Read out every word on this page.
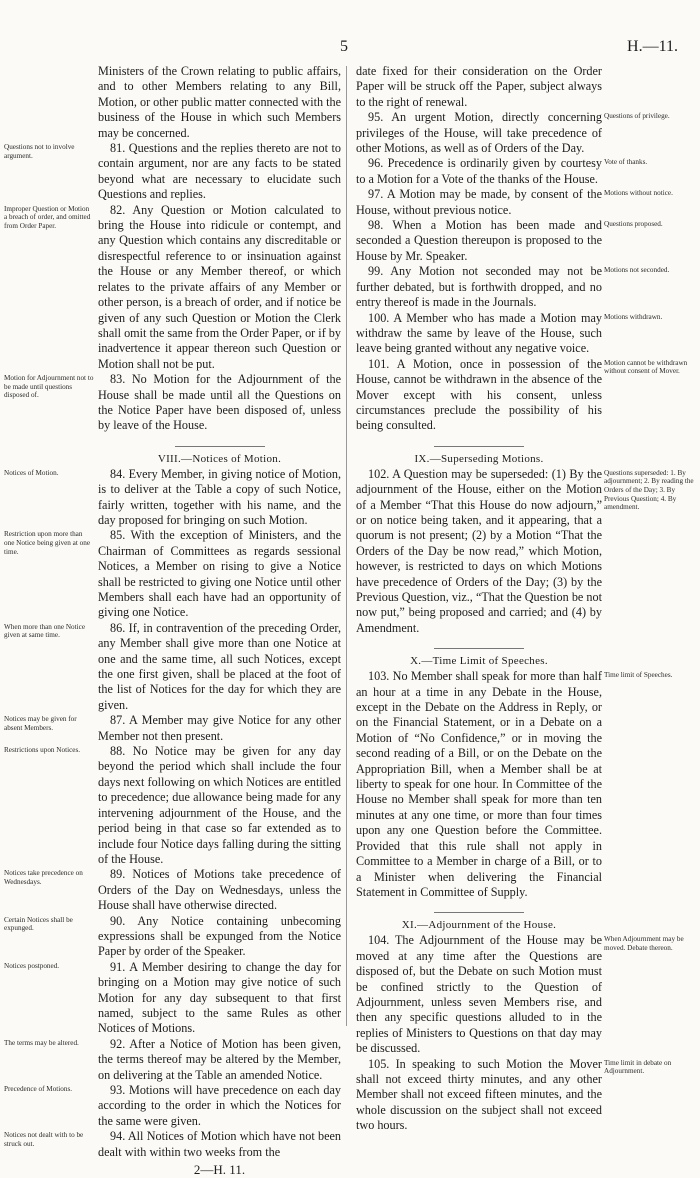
5	H.—11.

Ministers of the Crown relating to public affairs, and to other Members relating to any Bill, Motion, or other public matter connected with the business of the House in which such Members may be concerned.

Questions not to involve argument.

81. Questions and the replies thereto are not to contain argument, nor are any facts to be stated beyond what are necessary to elucidate such Questions and replies.

Improper Question or Motion a breach of order, and omitted from Order Paper.

82. Any Question or Motion calculated to bring the House into ridicule or contempt, and any Question which contains any discreditable or disrespectful reference to or insinuation against the House or any Member thereof, or which relates to the private affairs of any Member or other person, is a breach of order, and if notice be given of any such Question or Motion the Clerk shall omit the same from the Order Paper, or if by inadvertence it appear thereon such Question or Motion shall not be put.

Motion for Adjournment not to be made until questions disposed of.

83. No Motion for the Adjournment of the House shall be made until all the Questions on the Notice Paper have been disposed of, unless by leave of the House.

VIII.—Notices of Motion.
Notices of Motion.	84. Every Member, in giving notice of Motion, is to deliver at the Table a copy of such Notice, fairly written, together with his name, and the day proposed for bringing on such Motion.

Restriction upon more than one Notice being given at one time.

85. With the exception of Ministers, and the Chairman of Committees as regards sessional Notices, a Member on rising to give a Notice shall be restricted to giving one Notice until other Members shall each have had an opportunity of giving one Notice.

When more than one Notice given at same time.

86. If, in contravention of the preceding Order, any Member shall give more than one Notice at one and the same time, all such Notices, except the one first given, shall be placed at the foot of the list of Notices for the day for which they are given.

Notices may be given for absent Members.

87. A Member may give Notice for any other Member not then present.

Restrictions upon Notices.	88. No Notice may be given for any day beyond the period which shall include the four days next following on which Notices are entitled to precedence; due allowance being made for any intervening adjournment of the House, and the period being in that case so far extended as to include four Notice days falling during the sitting of the House.

Notices take precedence on Wednesdays.

89. Notices of Motions take precedence of Orders of the Day on Wednesdays, unless the House shall have otherwise directed.

Certain Notices shall be expunged.

90. Any Notice containing unbecoming expressions shall be expunged from the Notice Paper by order of the Speaker.

Notices postponed.	91. A Member desiring to change the day for bringing on a Motion may give notice of such Motion for any day subsequent to that first named, subject to the same Rules as other Notices of Motions.

The terms may be altered.	92. After a Notice of Motion has been given, the terms thereof may be altered by the Member, on delivering at the Table an amended Notice.

Precedence of Motions.	93. Motions will have precedence on each day according to the order in which the Notices for the same were given.

Notices not dealt with to be struck out.

94. All Notices of Motion which have not been dealt with within two weeks from the

2—H. 11.

date fixed for their consideration on the Order Paper will be struck off the Paper, subject always to the right of renewal.

Questions of privilege.

95. An urgent Motion, directly concerning privileges of the House, will take precedence of other Motions, as well as of Orders of the Day.

Vote of thanks.

96. Precedence is ordinarily given by courtesy to a Motion for a Vote of the thanks of the House.

Motions without notice.

97. A Motion may be made, by consent of the House, without previous notice.

Questions proposed.

98. When a Motion has been made and seconded a Question thereupon is proposed to the House by Mr. Speaker.

Motions not seconded.

99. Any Motion not seconded may not be further debated, but is forthwith dropped, and no entry thereof is made in the Journals.

Motions withdrawn.

100. A Member who has made a Motion may withdraw the same by leave of the House, such leave being granted without any negative voice.

Motion cannot be withdrawn without consent of Mover.

101. A Motion, once in possession of the House, cannot be withdrawn in the absence of the Mover except with his consent, unless circumstances preclude the possibility of his being consulted.

IX.—Superseding Motions.
Questions superseded: 1. By adjournment; 2. By reading the Orders of the Day; 3. By Previous Question; 4. By amendment.

102. A Question may be superseded: (1) By the adjournment of the House, either on the Motion of a Member “That this House do now adjourn,” or on notice being taken, and it appearing, that a quorum is not present; (2) by a Motion “That the Orders of the Day be now read,” which Motion, however, is restricted to days on which Motions have precedence of Orders of the Day; (3) by the Previous Question, viz., “That the Question be not now put,” being proposed and carried; and (4) by Amendment.

X.—Time Limit of Speeches.
Time limit of Speeches.

103. No Member shall speak for more than half an hour at a time in any Debate in the House, except in the Debate on the Address in Reply, or on the Financial Statement, or in a Debate on a Motion of “No Confidence,” or in moving the second reading of a Bill, or on the Debate on the Appropriation Bill, when a Member shall be at liberty to speak for one hour. In Committee of the House no Member shall speak for more than ten minutes at any one time, or more than four times upon any one Question before the Committee. Provided that this rule shall not apply in Committee to a Member in charge of a Bill, or to a Minister when delivering the Financial Statement in Committee of Supply.

XI.—Adjournment of the House.
When Adjournment may be moved. Debate thereon.

104. The Adjournment of the House may be moved at any time after the Questions are disposed of, but the Debate on such Motion must be confined strictly to the Question of Adjournment, unless seven Members rise, and then any specific questions alluded to in the replies of Ministers to Questions on that day may be discussed.

Time limit in debate on Adjournment.

105. In speaking to such Motion the Mover shall not exceed thirty minutes, and any other Member shall not exceed fifteen minutes, and the whole discussion on the subject shall not exceed two hours.
